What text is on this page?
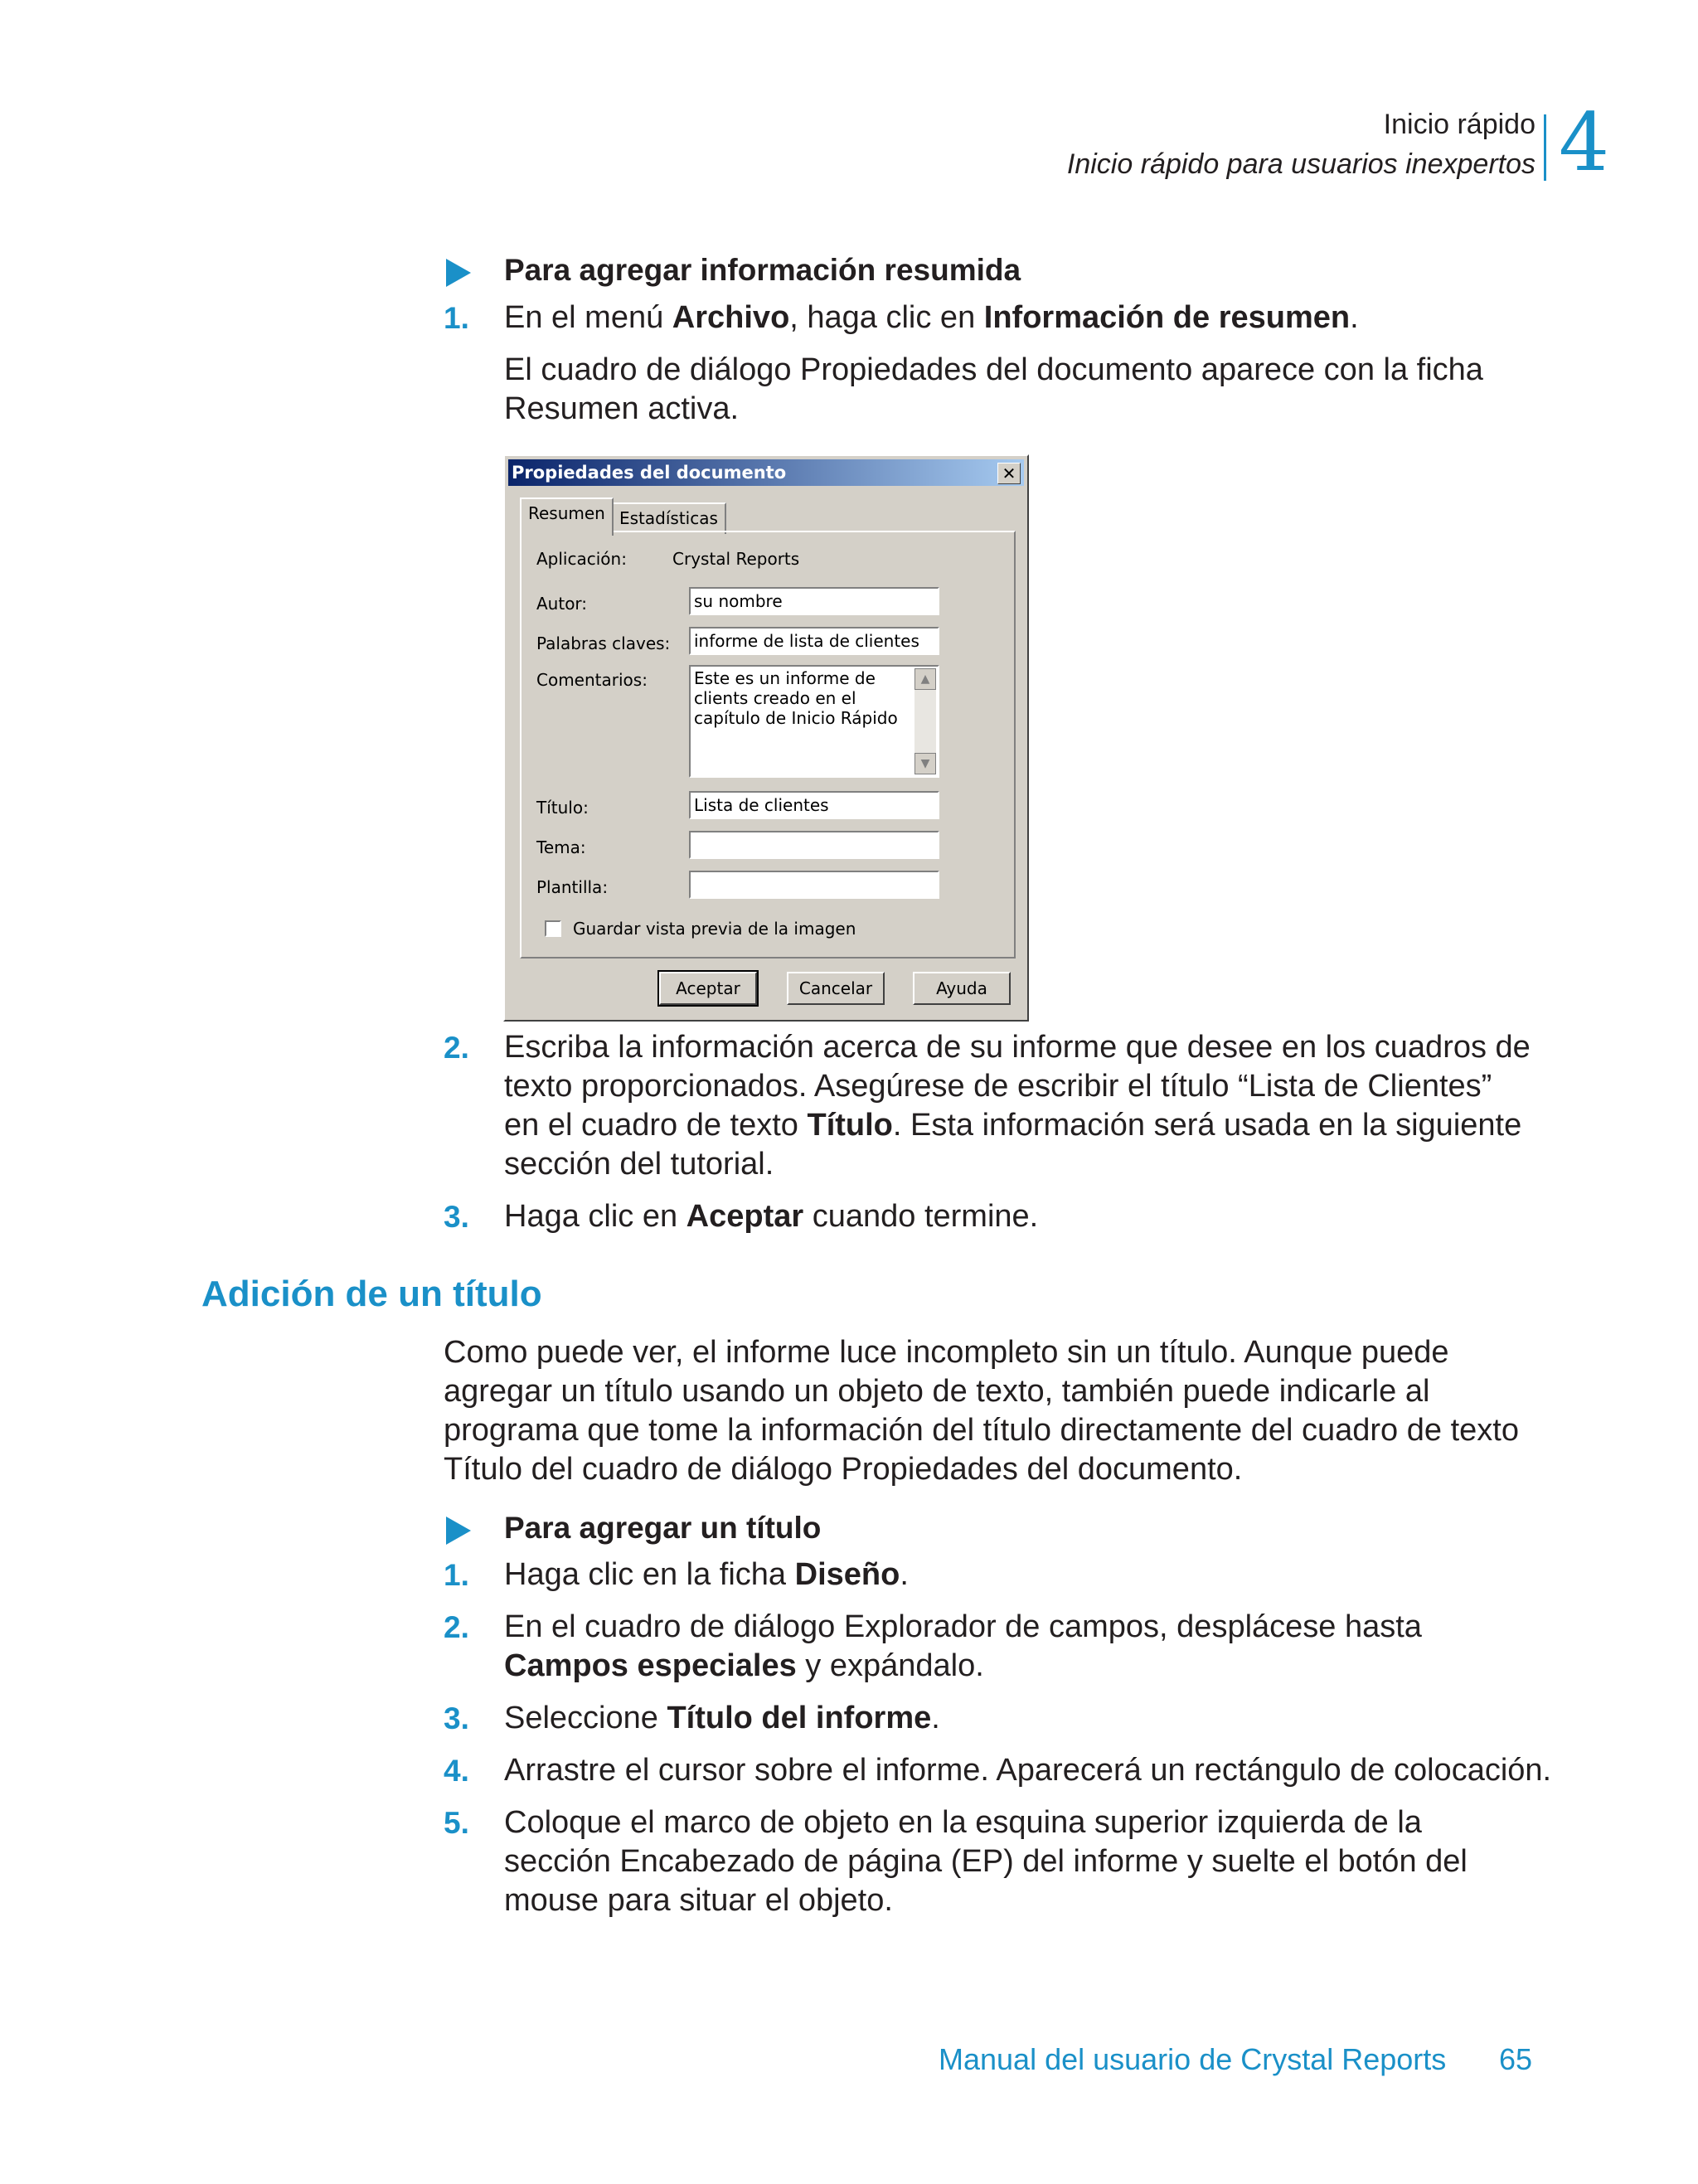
Inicio rápido
Inicio rápido para usuarios inexpertos 4
Para agregar información resumida
1. En el menú Archivo, haga clic en Información de resumen.
El cuadro de diálogo Propiedades del documento aparece con la ficha
Resumen activa.
Propiedades del documento	✕
Resumen Estadísticas
Aplicación:	Crystal Reports
Autor:	su nombre
Palabras claves:	informe de lista de clientes
Comentarios:	Este es un informe de clients creado en el capítulo de Inicio Rápido
▲
▼
Título:	Lista de clientes
Tema:
Plantilla:
Guardar vista previa de la imagen
Aceptar	Cancelar	Ayuda
2. Escriba la información acerca de su informe que desee en los cuadros de
texto proporcionados. Asegúrese de escribir el título “Lista de Clientes”
en el cuadro de texto Título. Esta información será usada en la siguiente
sección del tutorial.
3. Haga clic en Aceptar cuando termine.
Adición de un título
Como puede ver, el informe luce incompleto sin un título. Aunque puede
agregar un título usando un objeto de texto, también puede indicarle al
programa que tome la información del título directamente del cuadro de texto
Título del cuadro de diálogo Propiedades del documento.
Para agregar un título
1. Haga clic en la ficha Diseño.
2. En el cuadro de diálogo Explorador de campos, desplácese hasta
Campos especiales y expándalo.
3. Seleccione Título del informe.
4. Arrastre el cursor sobre el informe. Aparecerá un rectángulo de colocación.
5. Coloque el marco de objeto en la esquina superior izquierda de la
sección Encabezado de página (EP) del informe y suelte el botón del
mouse para situar el objeto.
Manual del usuario de Crystal Reports 65
